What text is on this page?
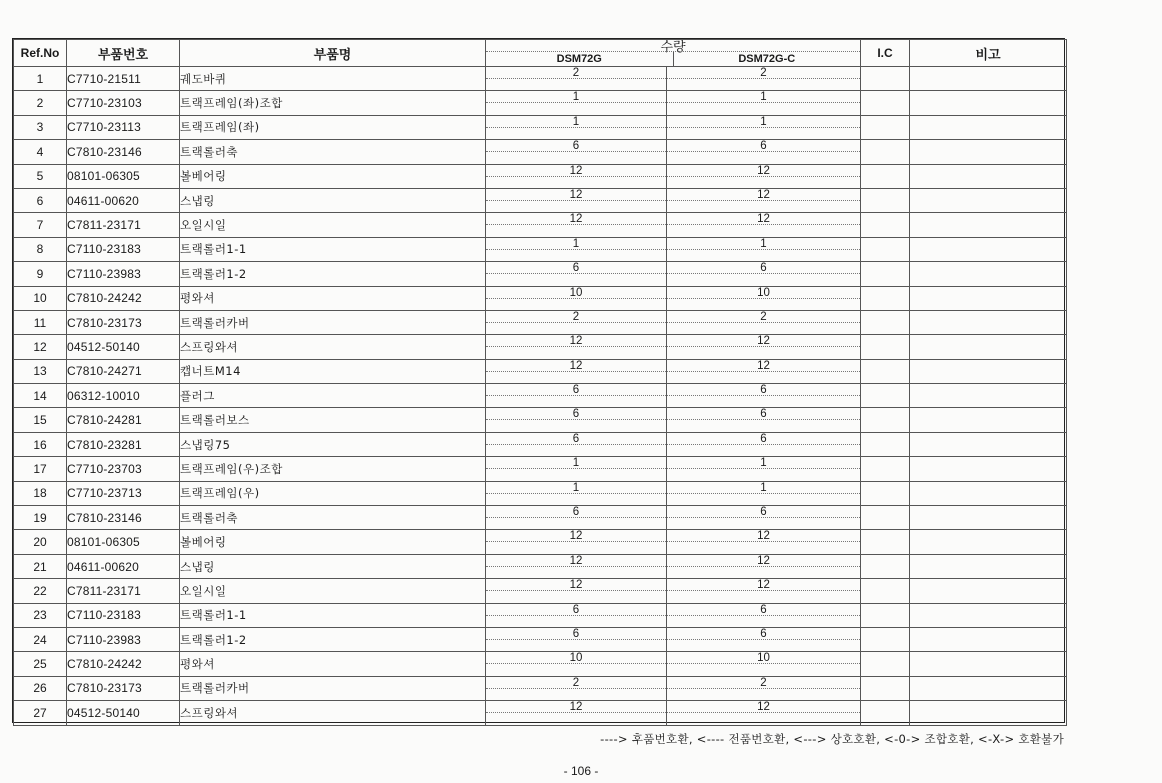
Ref.No	부품번호	부품명	수량
DSM72G DSM72G-C		I.C	비고
1	C7710-21511	궤도바퀴	2	2		
2	C7710-23103	트랙프레임(좌)조합	1	1		
3	C7710-23113	트랙프레임(좌)	1	1		
4	C7810-23146	트랙롤러축	6	6		
5	08101-06305	볼베어링	12	12		
6	04611-00620	스냅링	12	12		
7	C7811-23171	오일시일	12	12		
8	C7110-23183	트랙롤러1-1	1	1		
9	C7110-23983	트랙롤러1-2	6	6		
10	C7810-24242	평와셔	10	10		
11	C7810-23173	트랙롤러카버	2	2		
12	04512-50140	스프링와셔	12	12		
13	C7810-24271	캡너트M14	12	12		
14	06312-10010	플러그	6	6		
15	C7810-24281	트랙롤러보스	6	6		
16	C7810-23281	스냅링75	6	6		
17	C7710-23703	트랙프레임(우)조합	1	1		
18	C7710-23713	트랙프레임(우)	1	1		
19	C7810-23146	트랙롤러축	6	6		
20	08101-06305	볼베어링	12	12		
21	04611-00620	스냅링	12	12		
22	C7811-23171	오일시일	12	12		
23	C7110-23183	트랙롤러1-1	6	6		
24	C7110-23983	트랙롤러1-2	6	6		
25	C7810-24242	평와셔	10	10		
26	C7810-23173	트랙롤러카버	2	2		
27	04512-50140	스프링와셔	12	12		
----> 후품번호환, <---- 전품번호환, <---> 상호호환, <-0-> 조합호환, <-X-> 호환불가
- 106 -
